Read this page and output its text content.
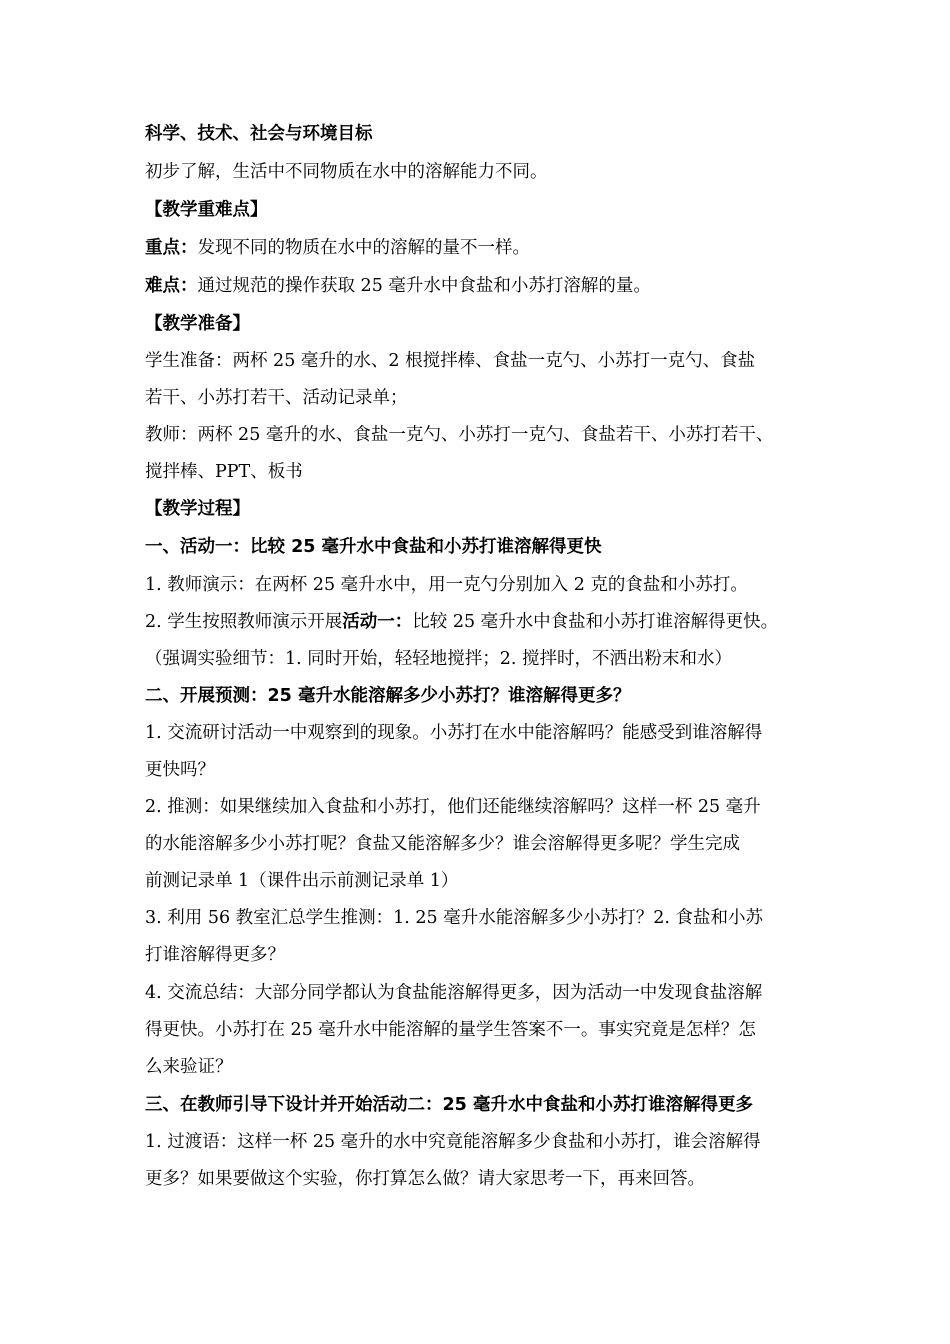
科学、技术、社会与环境目标
初步了解，生活中不同物质在水中的溶解能力不同。
【教学重难点】
重点：发现不同的物质在水中的溶解的量不一样。
难点：通过规范的操作获取 25 毫升水中食盐和小苏打溶解的量。
【教学准备】
学生准备：两杯 25 毫升的水、2 根搅拌棒、食盐一克勺、小苏打一克勺、食盐
若干、小苏打若干、活动记录单；
教师：两杯 25 毫升的水、食盐一克勺、小苏打一克勺、食盐若干、小苏打若干、
搅拌棒、PPT、板书
【教学过程】
一、活动一：比较 25 毫升水中食盐和小苏打谁溶解得更快
1. 教师演示：在两杯 25 毫升水中，用一克勺分别加入 2 克的食盐和小苏打。
2. 学生按照教师演示开展活动一：比较 25 毫升水中食盐和小苏打谁溶解得更快。
（强调实验细节：1. 同时开始，轻轻地搅拌；2. 搅拌时，不洒出粉末和水）
二、开展预测：25 毫升水能溶解多少小苏打？谁溶解得更多？
1. 交流研讨活动一中观察到的现象。小苏打在水中能溶解吗？能感受到谁溶解得
更快吗？
2. 推测：如果继续加入食盐和小苏打，他们还能继续溶解吗？这样一杯 25 毫升
的水能溶解多少小苏打呢？食盐又能溶解多少？谁会溶解得更多呢？学生完成
前测记录单 1（课件出示前测记录单 1）
3. 利用 56 教室汇总学生推测：1. 25 毫升水能溶解多少小苏打？2. 食盐和小苏
打谁溶解得更多？
4. 交流总结：大部分同学都认为食盐能溶解得更多，因为活动一中发现食盐溶解
得更快。小苏打在 25 毫升水中能溶解的量学生答案不一。事实究竟是怎样？怎
么来验证？
三、在教师引导下设计并开始活动二：25 毫升水中食盐和小苏打谁溶解得更多
1. 过渡语：这样一杯 25 毫升的水中究竟能溶解多少食盐和小苏打，谁会溶解得
更多？如果要做这个实验，你打算怎么做？请大家思考一下，再来回答。
